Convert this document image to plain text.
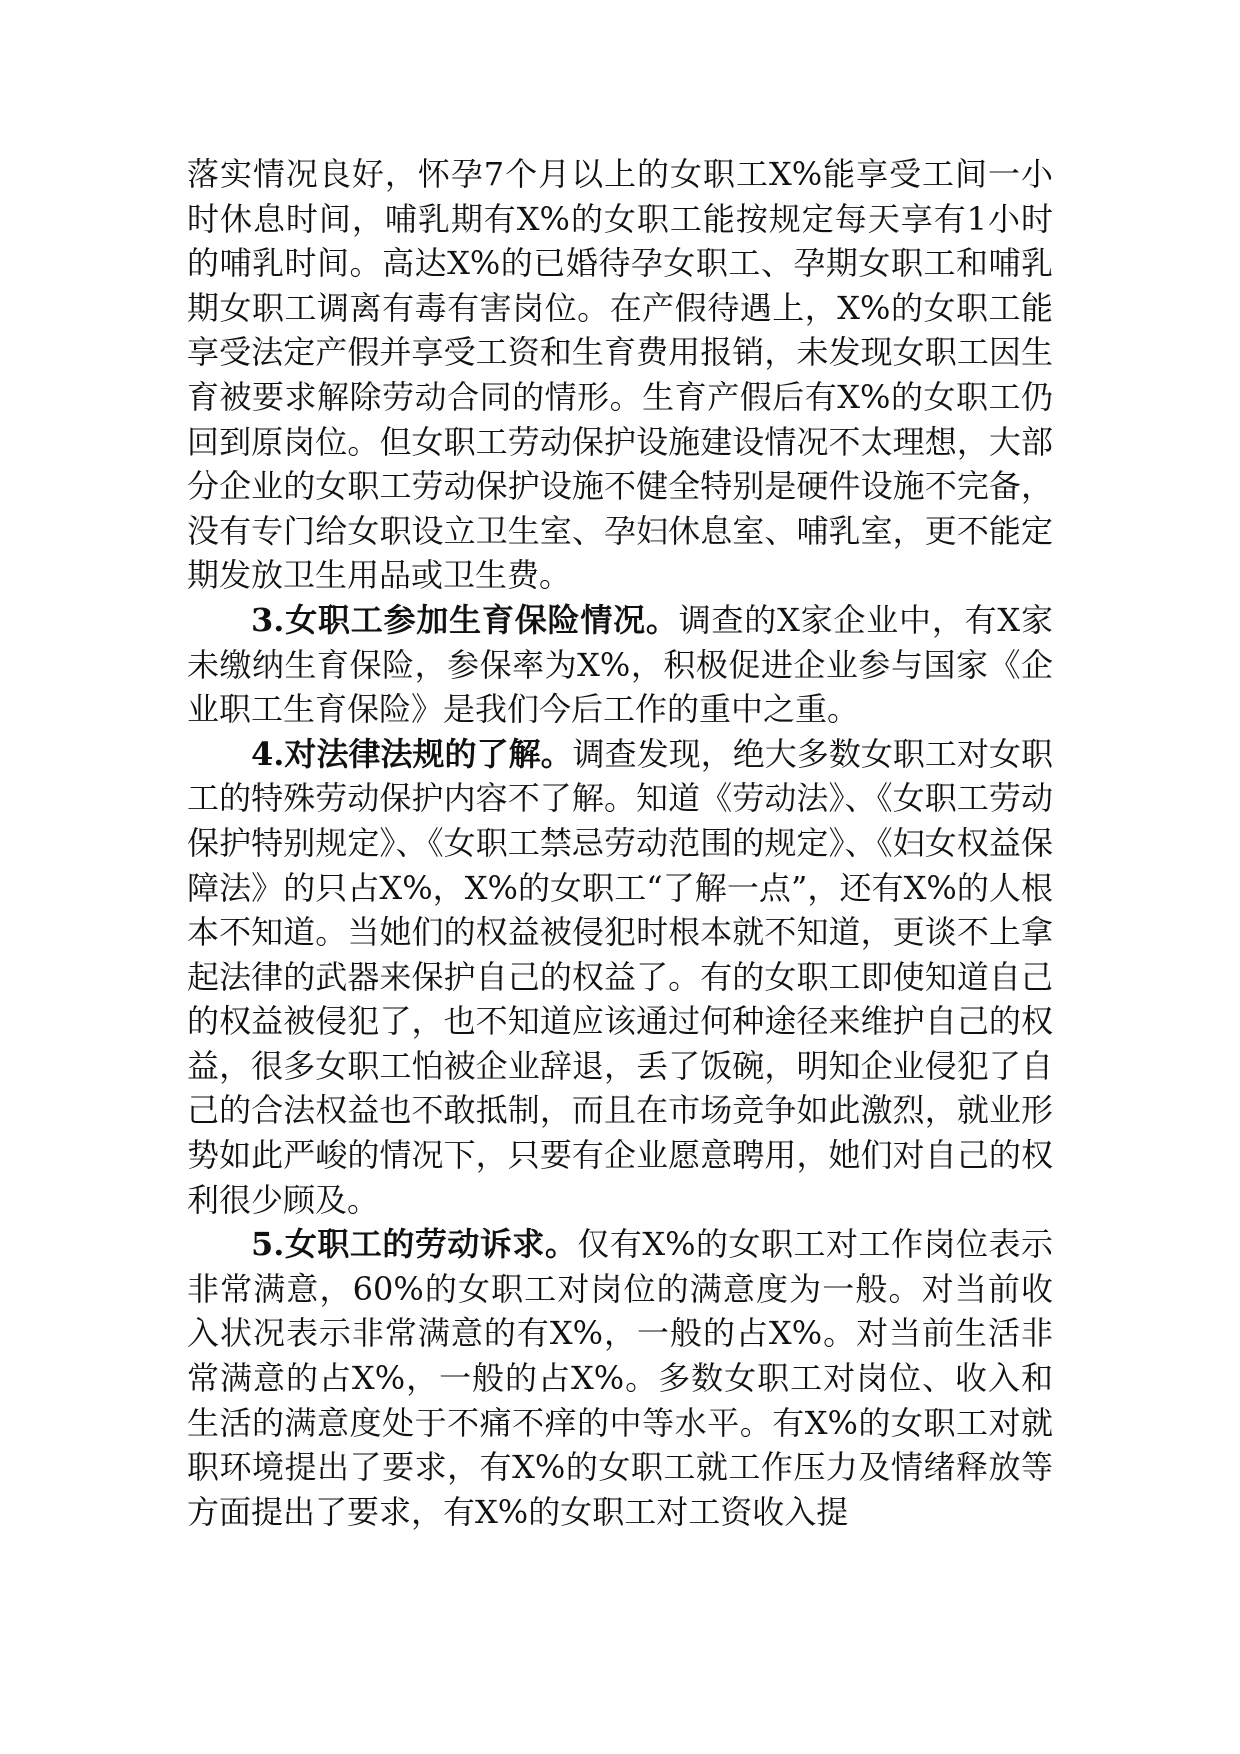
落实情况良好，怀孕7个月以上的女职工X%能享受工间一小时休息时间，哺乳期有X%的女职工能按规定每天享有1小时的哺乳时间。高达X%的已婚待孕女职工、孕期女职工和哺乳期女职工调离有毒有害岗位。在产假待遇上，X%的女职工能享受法定产假并享受工资和生育费用报销，未发现女职工因生育被要求解除劳动合同的情形。生育产假后有X%的女职工仍回到原岗位。但女职工劳动保护设施建设情况不太理想，大部分企业的女职工劳动保护设施不健全特别是硬件设施不完备，没有专门给女职设立卫生室、孕妇休息室、哺乳室，更不能定期发放卫生用品或卫生费。

3.女职工参加生育保险情况。调查的X家企业中，有X家未缴纳生育保险，参保率为X%，积极促进企业参与国家《企业职工生育保险》是我们今后工作的重中之重。

4.对法律法规的了解。调查发现，绝大多数女职工对女职工的特殊劳动保护内容不了解。知道《劳动法》、《女职工劳动保护特别规定》、《女职工禁忌劳动范围的规定》、《妇女权益保障法》的只占X%，X%的女职工“了解一点”，还有X%的人根本不知道。当她们的权益被侵犯时根本就不知道，更谈不上拿起法律的武器来保护自己的权益了。有的女职工即使知道自己的权益被侵犯了，也不知道应该通过何种途径来维护自己的权益，很多女职工怕被企业辞退，丢了饭碗，明知企业侵犯了自己的合法权益也不敢抵制，而且在市场竞争如此激烈，就业形势如此严峻的情况下，只要有企业愿意聘用，她们对自己的权利很少顾及。

5.女职工的劳动诉求。仅有X%的女职工对工作岗位表示非常满意，60%的女职工对岗位的满意度为一般。对当前收入状况表示非常满意的有X%，一般的占X%。对当前生活非常满意的占X%，一般的占X%。多数女职工对岗位、收入和生活的满意度处于不痛不痒的中等水平。有X%的女职工对就职环境提出了要求，有X%的女职工就工作压力及情绪释放等方面提出了要求，有X%的女职工对工资收入提
